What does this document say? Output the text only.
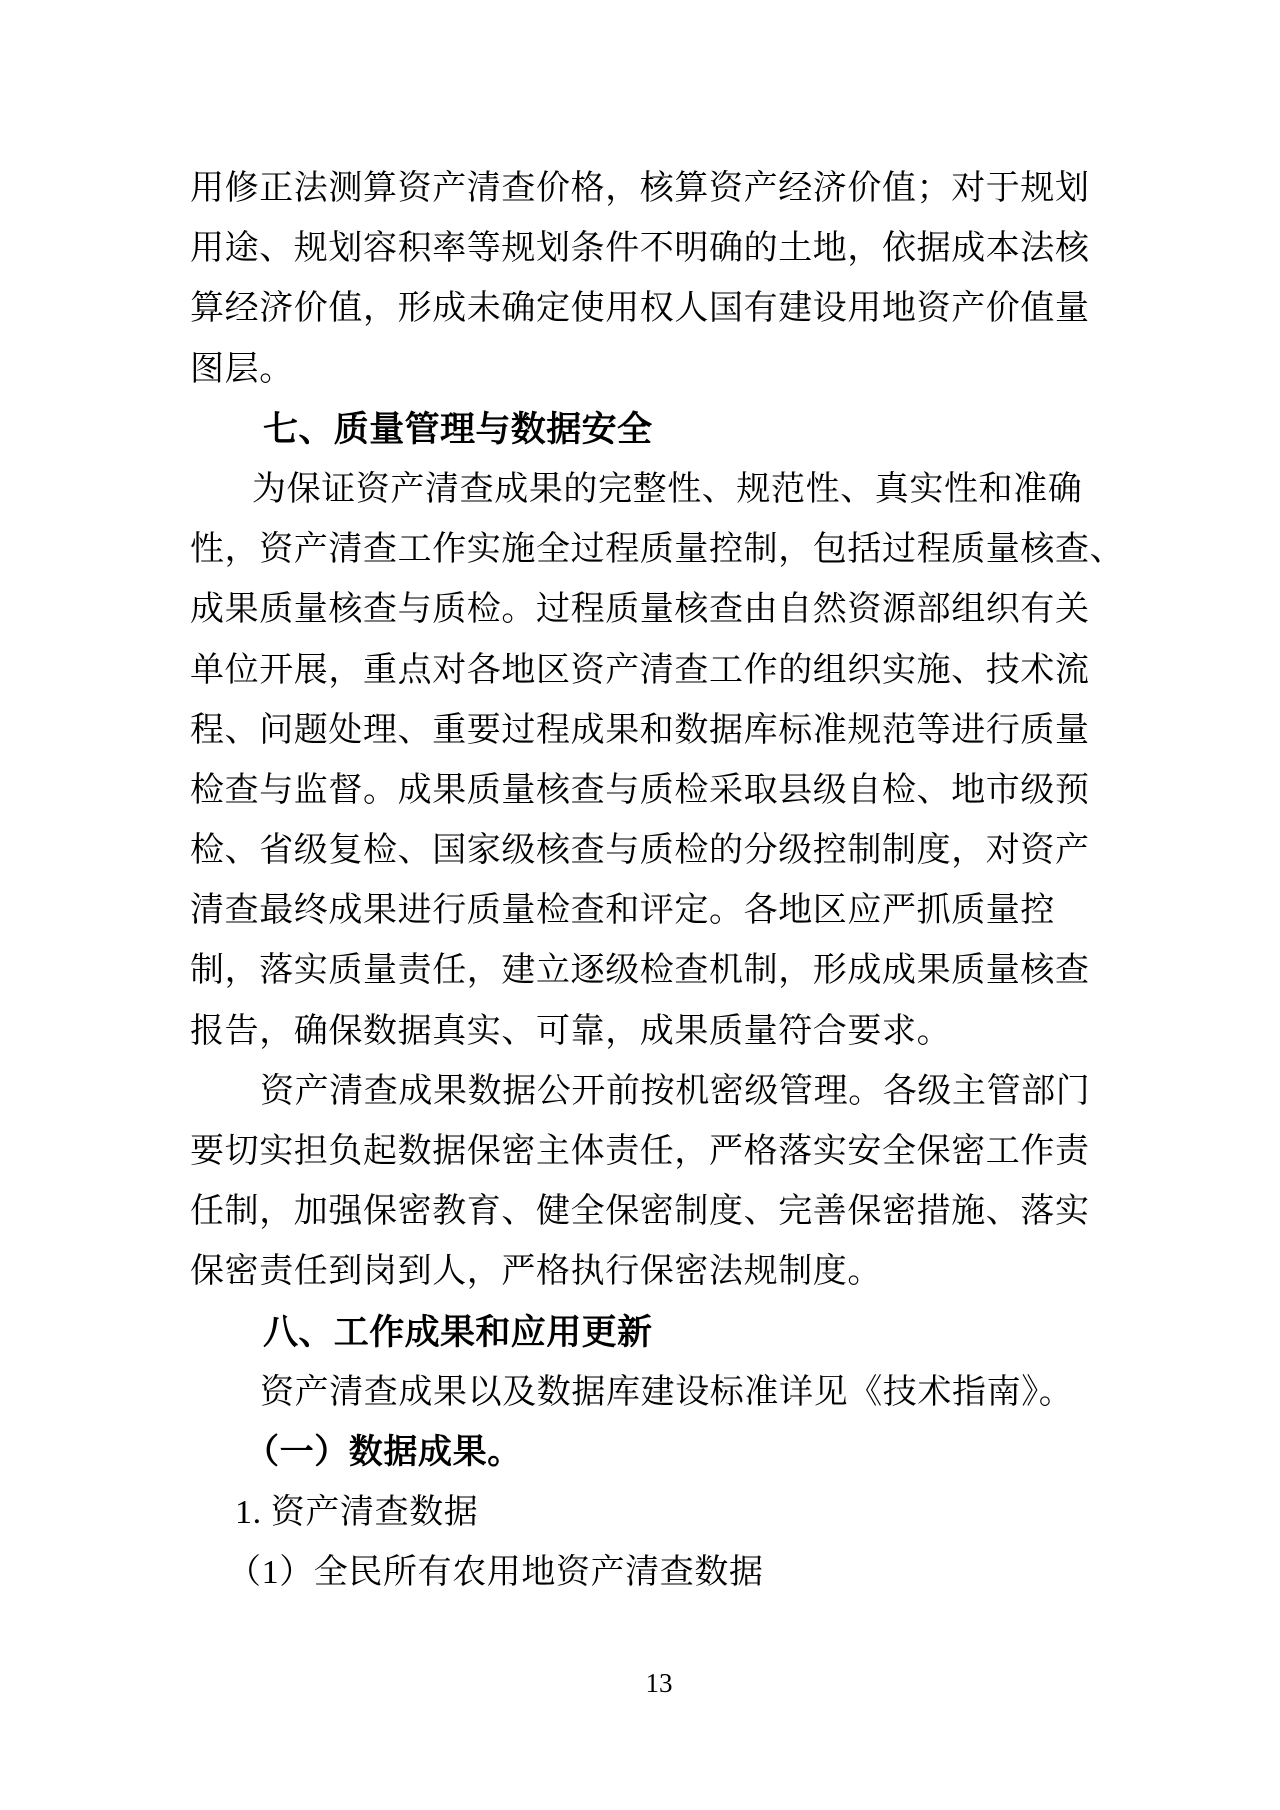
用修正法测算资产清查价格，核算资产经济价值；对于规划
用途、规划容积率等规划条件不明确的土地，依据成本法核
算经济价值，形成未确定使用权人国有建设用地资产价值量
图层。
七、质量管理与数据安全
为保证资产清查成果的完整性、规范性、真实性和准确
性，资产清查工作实施全过程质量控制，包括过程质量核查、
成果质量核查与质检。过程质量核查由自然资源部组织有关
单位开展，重点对各地区资产清查工作的组织实施、技术流
程、问题处理、重要过程成果和数据库标准规范等进行质量
检查与监督。成果质量核查与质检采取县级自检、地市级预
检、省级复检、国家级核查与质检的分级控制制度，对资产
清查最终成果进行质量检查和评定。各地区应严抓质量控
制，落实质量责任，建立逐级检查机制，形成成果质量核查
报告，确保数据真实、可靠，成果质量符合要求。
资产清查成果数据公开前按机密级管理。各级主管部门
要切实担负起数据保密主体责任，严格落实安全保密工作责
任制，加强保密教育、健全保密制度、完善保密措施、落实
保密责任到岗到人，严格执行保密法规制度。
八、工作成果和应用更新
资产清查成果以及数据库建设标准详见《技术指南》。
（一）数据成果。
1. 资产清查数据
（1）全民所有农用地资产清查数据
13
